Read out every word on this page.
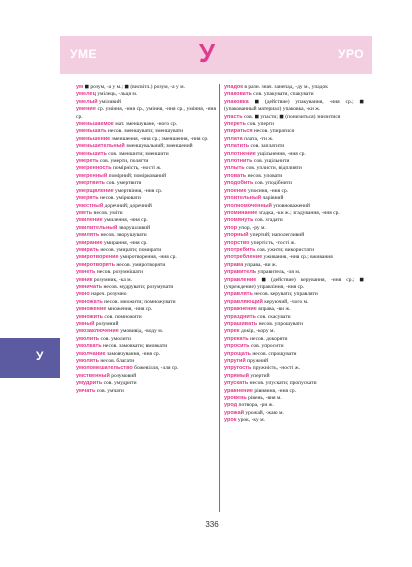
УМЕ	У	УРО
У
ум ◼ розум, -а у м.; ◼ (висвітл.) розум, -а у м.
умелец умілець, -льця м.
умелый уміливий
умение ср. уміння, -ння ср., уміння, -ння ср., уміння, -ння ср.
уменьшаемое мат. зменшуване, -ного ср.
уменьшать несов. зменшувати; зменшувати
уменьшение зменшення, -ння ср.; зменшення, -ння ср.
уменьшительный зменшувальний; зменшений
уменьшить сов. зменшити; зменшити
умереть сов. умерти, полягти
умеренность помірність, -ності ж.
умеренный помірний; поміркований
умертвить сов. умертвити
умерщвление умертвіння, -ння ср.
умерять несов. умірювати
уместный доречний; доречний
уметь несов. уміти
умиление умилення, -ння ср.
умилительный зворушливий
умилять несов. зворушувати
умирание умирання, -ння ср.
умирать несов. умирати; помирати
умиротворение умиротворення, -ння ср.
умиротворять несов. умиротворяти
умнеть несов. розумнішати
умник розумник, -ка м.
умничать несов. мудрувати; розумувати
умно нареч. розумно
умножать несов. множити; помножувати
умножение множення, -ння ср.
умножить сов. помножити
умный розумний
умозаключение умовивід, -воду м.
умолить сов. умолити
умолкать несов. замовкати; вмовкати
умолчание замовчування, -ння ср.
умолять несов. благати
умопомешательство божевілля, -лля ср.
умственный розумовий
умудрить сов. умудрити
умчать сов. умчати
упадок в разн. знач. занепад, -ду м., упадок
упаковать сов. упакувати, спакувати
упаковка ◼ (действие) упакування, -ння ср.; ◼ (упакованный материал) упаковка, -ки ж.
упасть сов. ◼ упасти; ◼ (понизиться) знизитися
упереть сов. уперти
упираться несов. упиратися
уплата плата, -ти ж.
уплатить сов. заплатити
уплотнение ущільнення, -ння ср.
уплотнить сов. ущільнити
уплыть сов. уплисти, відпливти
уповать несов. уповати
уподобить сов. уподібнити
упоение упоєння, -ння ср.
упоительный чарівний
уполномоченный уповноважений
упоминание згадка, -ки ж.; згадування, -ння ср.
упомянуть сов. згадати
упор упор, -ру м.
упорный упертий; наполегливий
упорство упертість, -тості ж.
употребить сов. ужити; використати
употребление уживання, -ння ср.; вживання
управа управа, -ви ж.
управитель управитель, -ля м.
управление ◼ (действие) керування, -ння ср.; ◼ (учреждение) управління, -ння ср.
управлять несов. керувати; управляти
управляющий керуючий, -чого м.
упражнение вправа, -ви ж.
упразднить сов. скасувати
упрашивать несов. упрошувати
упрек докір, -кору м.
упрекать несов. докоряти
упросить сов. упросити
упрощать несов. спрощувати
упругий пружний
упругость пружність, -ності ж.
упрямый упертий
упускать несов. упускати; пропускати
уравнение рівняння, -ння ср.
уровень рівень, -вня м.
урод потвора, -ри ж.
урожай урожай, -жаю м.
урок урок, -ку м.
336
